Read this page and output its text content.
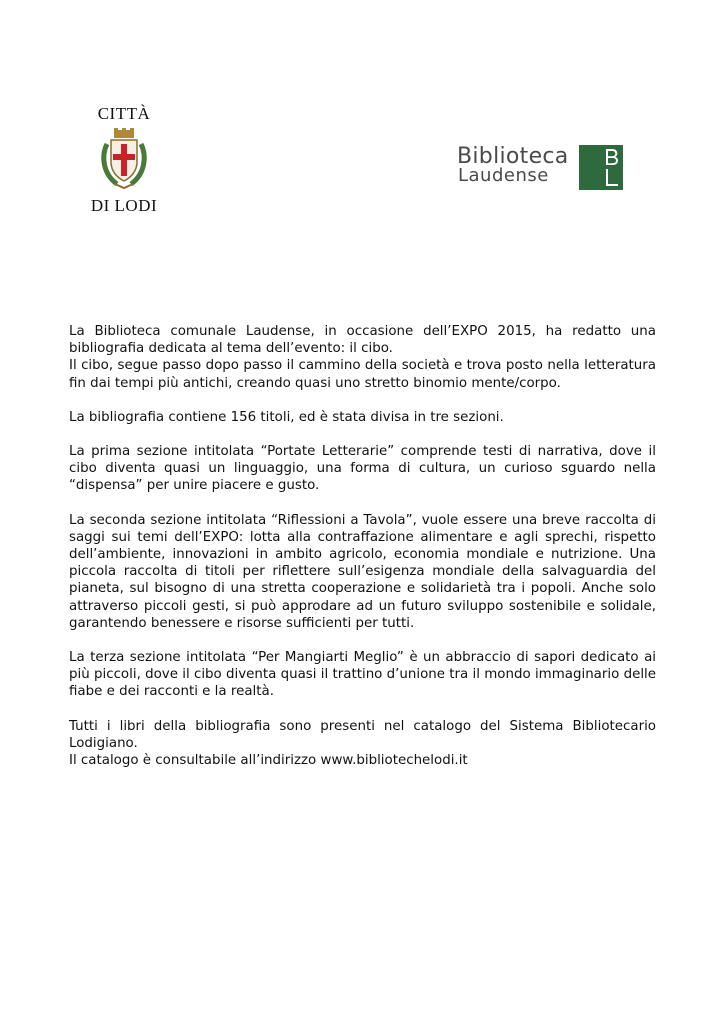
CITTÀ
DI LODI
Biblioteca
Laudense

La Biblioteca comunale Laudense, in occasione dell’EXPO 2015, ha redatto una bibliografia dedicata al tema dell’evento: il cibo.

Il cibo, segue passo dopo passo il cammino della società e trova posto nella letteratura fin dai tempi più antichi, creando quasi uno stretto binomio mente/corpo.

La bibliografia contiene 156 titoli, ed è stata divisa in tre sezioni.

La prima sezione intitolata “Portate Letterarie” comprende testi di narrativa, dove il cibo diventa quasi un linguaggio, una forma di cultura, un curioso sguardo nella “dispensa” per unire piacere e gusto.

La seconda sezione intitolata “Riflessioni a Tavola”, vuole essere una breve raccolta di saggi sui temi dell’EXPO: lotta alla contraffazione alimentare e agli sprechi, rispetto dell’ambiente, innovazioni in ambito agricolo, economia mondiale e nutrizione. Una piccola raccolta di titoli per riflettere sull’esigenza mondiale della salvaguardia del pianeta, sul bisogno di una stretta cooperazione e solidarietà tra i popoli. Anche solo attraverso piccoli gesti, si può approdare ad un futuro sviluppo sostenibile e solidale, garantendo benessere e risorse sufficienti per tutti.

La terza sezione intitolata “Per Mangiarti Meglio” è un abbraccio di sapori dedicato ai più piccoli, dove il cibo diventa quasi il trattino d’unione tra il mondo immaginario delle fiabe e dei racconti e la realtà.

Tutti i libri della bibliografia sono presenti nel catalogo del Sistema Bibliotecario Lodigiano.

Il catalogo è consultabile all’indirizzo www.bibliotechelodi.it
